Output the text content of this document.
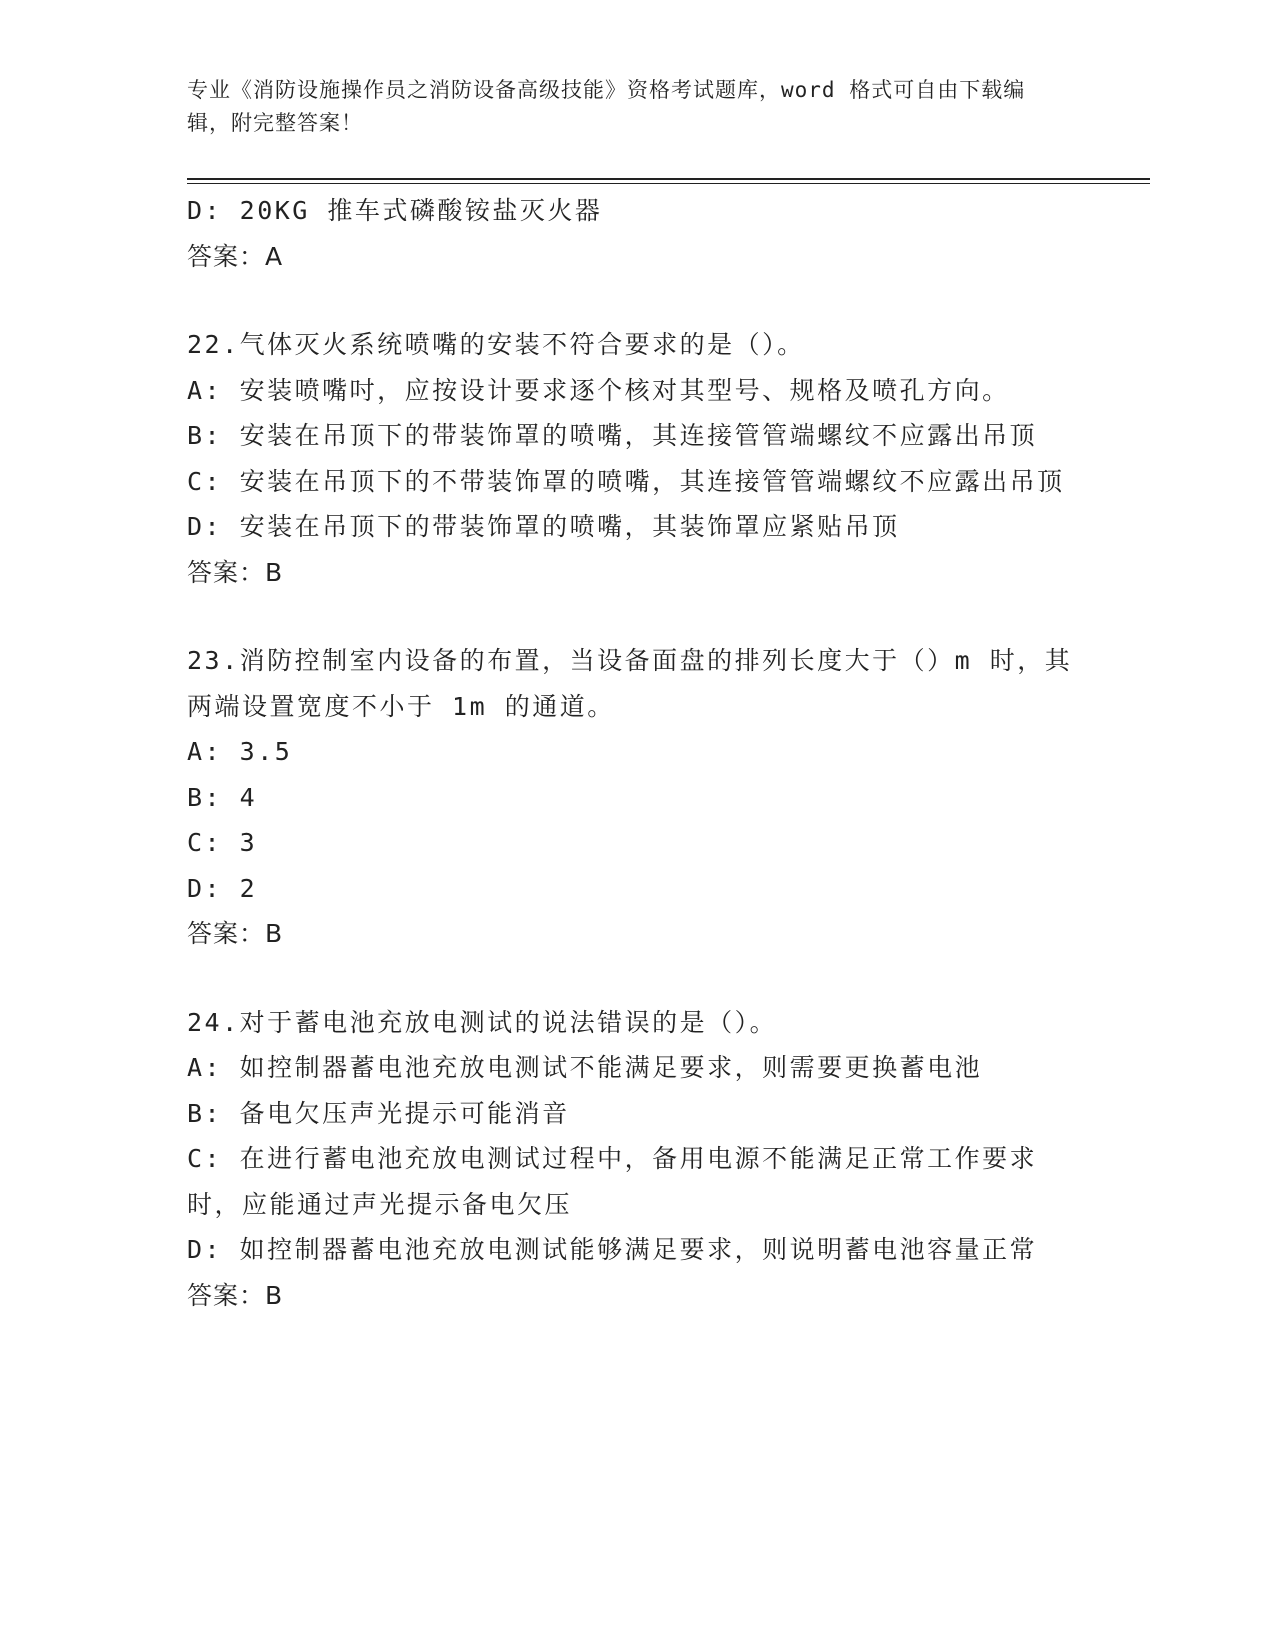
专业《消防设施操作员之消防设备高级技能》资格考试题库，word 格式可自由下载编辑，附完整答案！
D: 20KG 推车式磷酸铵盐灭火器
答案：A
22.气体灭火系统喷嘴的安装不符合要求的是（）。
A: 安装喷嘴吋，应按设计要求逐个核对其型号、规格及喷孔方向。
B: 安装在吊顶下的带装饰罩的喷嘴，其连接管管端螺纹不应露出吊顶
C: 安装在吊顶下的不带装饰罩的喷嘴，其连接管管端螺纹不应露出吊顶
D: 安装在吊顶下的带装饰罩的喷嘴，其装饰罩应紧贴吊顶
答案：B
23.消防控制室内设备的布置，当设备面盘的排列长度大于（）m 时，其两端设置宽度不小于 1m 的通道。
A: 3.5
B: 4
C: 3
D: 2
答案：B
24.对于蓄电池充放电测试的说法错误的是（）。
A: 如控制器蓄电池充放电测试不能满足要求，则需要更换蓄电池
B: 备电欠压声光提示可能消音
C: 在进行蓄电池充放电测试过程中，备用电源不能满足正常工作要求时，应能通过声光提示备电欠压
D: 如控制器蓄电池充放电测试能够满足要求，则说明蓄电池容量正常
答案：B
